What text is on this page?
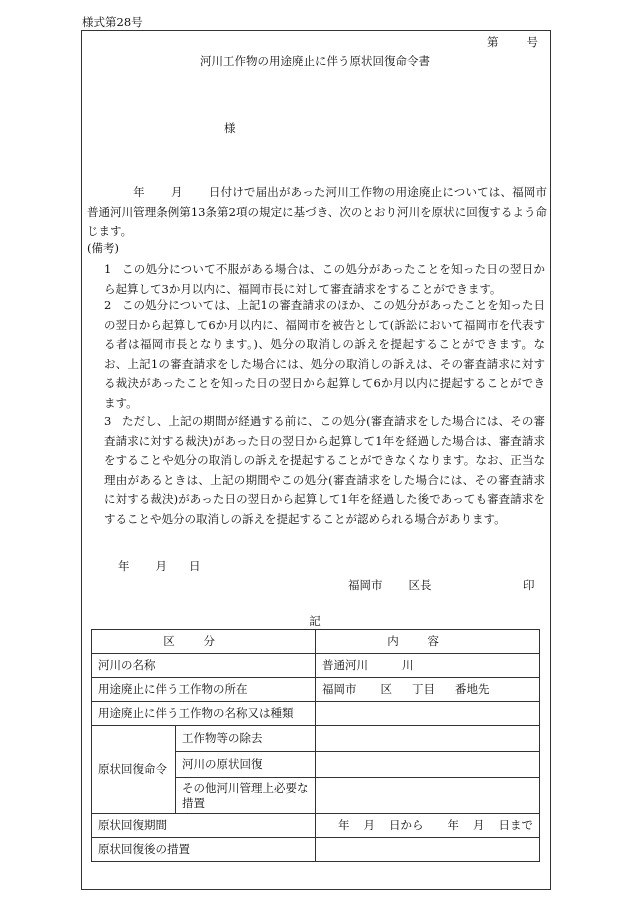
様式第28号
第 号
河川工作物の用途廃止に伴う原状回復命令書
様
年 月 日付けで届出があった河川工作物の用途廃止については、福岡市普通河川管理条例第13条第2項の規定に基づき、次のとおり河川を原状に回復するよう命じます。
(備考)
1 この処分について不服がある場合は、この処分があったことを知った日の翌日から起算して3か月以内に、福岡市長に対して審査請求をすることができます。
2 この処分については、上記1の審査請求のほか、この処分があったことを知った日の翌日から起算して6か月以内に、福岡市を被告として(訴訟において福岡市を代表する者は福岡市長となります。)、処分の取消しの訴えを提起することができます。なお、上記1の審査請求をした場合には、処分の取消しの訴えは、その審査請求に対する裁決があったことを知った日の翌日から起算して6か月以内に提起することができます。
3 ただし、上記の期間が経過する前に、この処分(審査請求をした場合には、その審査請求に対する裁決)があった日の翌日から起算して1年を経過した場合は、審査請求をすることや処分の取消しの訴えを提起することができなくなります。なお、正当な理由があるときは、上記の期間やこの処分(審査請求をした場合には、その審査請求に対する裁決)があった日の翌日から起算して1年を経過した後であっても審査請求をすることや処分の取消しの訴えを提起することが認められる場合があります。
年 月 日
福岡市 区長	印
記
区分		内容
河川の名称		普通河川 川
用途廃止に伴う工作物の所在		福岡市 区 丁目 番地先
用途廃止に伴う工作物の名称又は種類		
原状回復命令	工作物等の除去	
	河川の原状回復	
	その他河川管理上必要な措置	
原状回復期間		年 月 日から 年 月 日まで
原状回復後の措置		
